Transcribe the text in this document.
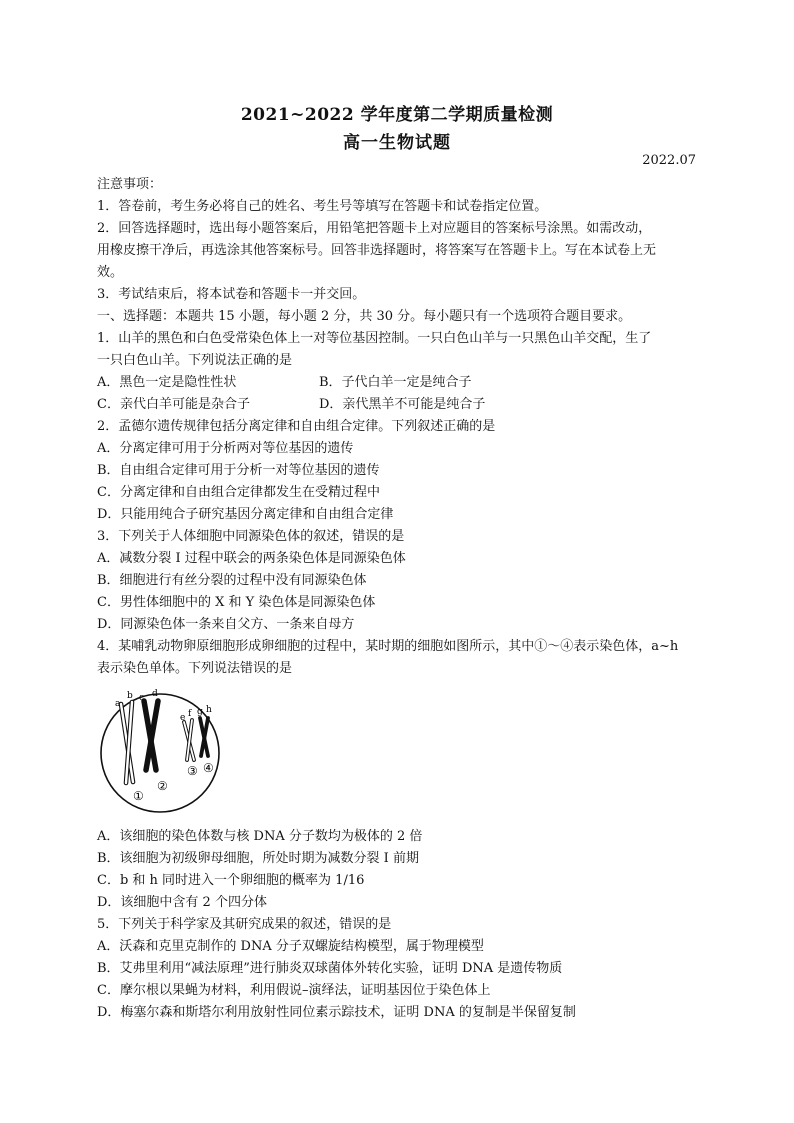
2021~2022 学年度第二学期质量检测
高一生物试题
2022.07
注意事项：
1．答卷前，考生务必将自己的姓名、考生号等填写在答题卡和试卷指定位置。
2．回答选择题时，选出每小题答案后，用铅笔把答题卡上对应题目的答案标号涂黑。如需改动，
用橡皮擦干净后，再选涂其他答案标号。回答非选择题时，将答案写在答题卡上。写在本试卷上无
效。
3．考试结束后，将本试卷和答题卡一并交回。
一、选择题：本题共 15 小题，每小题 2 分，共 30 分。每小题只有一个选项符合题目要求。
1．山羊的黑色和白色受常染色体上一对等位基因控制。一只白色山羊与一只黑色山羊交配，生了
一只白色山羊。下列说法正确的是
A．黑色一定是隐性性状	B．子代白羊一定是纯合子
C．亲代白羊可能是杂合子	D．亲代黑羊不可能是纯合子
2．孟德尔遗传规律包括分离定律和自由组合定律。下列叙述正确的是
A．分离定律可用于分析两对等位基因的遗传
B．自由组合定律可用于分析一对等位基因的遗传
C．分离定律和自由组合定律都发生在受精过程中
D．只能用纯合子研究基因分离定律和自由组合定律
3．下列关于人体细胞中同源染色体的叙述，错误的是
A．减数分裂 I 过程中联会的两条染色体是同源染色体
B．细胞进行有丝分裂的过程中没有同源染色体
C．男性体细胞中的 X 和 Y 染色体是同源染色体
D．同源染色体一条来自父方、一条来自母方
4．某哺乳动物卵原细胞形成卵细胞的过程中，某时期的细胞如图所示，其中①～④表示染色体，a~h
表示染色单体。下列说法错误的是
a
b c d
e f g h
①
②
③ ④
A．该细胞的染色体数与核 DNA 分子数均为极体的 2 倍
B．该细胞为初级卵母细胞，所处时期为减数分裂 I 前期
C．b 和 h 同时进入一个卵细胞的概率为 1/16
D．该细胞中含有 2 个四分体
5．下列关于科学家及其研究成果的叙述，错误的是
A．沃森和克里克制作的 DNA 分子双螺旋结构模型，属于物理模型
B．艾弗里利用“减法原理”进行肺炎双球菌体外转化实验，证明 DNA 是遗传物质
C．摩尔根以果蝇为材料，利用假说–演绎法，证明基因位于染色体上
D．梅塞尔森和斯塔尔利用放射性同位素示踪技术，证明 DNA 的复制是半保留复制
